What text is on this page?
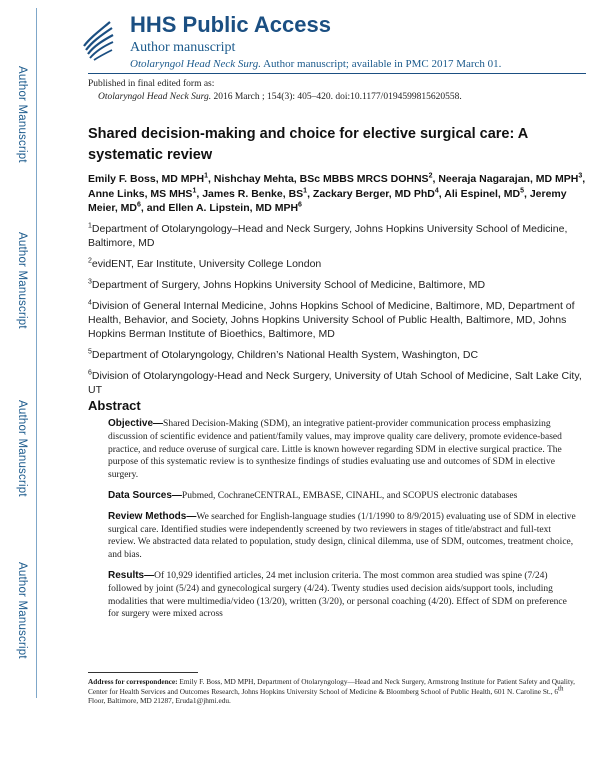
Author Manuscript
Author Manuscript
Author Manuscript
Author Manuscript
HHS Public Access
Author manuscript
Otolaryngol Head Neck Surg. Author manuscript; available in PMC 2017 March 01.
Published in final edited form as:
Otolaryngol Head Neck Surg. 2016 March ; 154(3): 405–420. doi:10.1177/0194599815620558.
Shared decision-making and choice for elective surgical care: A systematic review
Emily F. Boss, MD MPH$^1$, Nishchay Mehta, BSc MBBS MRCS DOHNS$^2$, Neeraja Nagarajan, MD MPH$^3$, Anne Links, MS MHS$^1$, James R. Benke, $BS^1$, Zackary Berger, MD PhD$^4$, Ali Espinel, $MD^5$, Jeremy Meier, $MD^6$, and Ellen A. Lipstein, MD MPH$^6$

$^1$Department of Otolaryngology–Head and Neck Surgery, Johns Hopkins University School of Medicine, Baltimore, MD

$^2$evidENT, Ear Institute, University College London

$^3$Department of Surgery, Johns Hopkins University School of Medicine, Baltimore, MD

$^4$Division of General Internal Medicine, Johns Hopkins School of Medicine, Baltimore, MD, Department of Health, Behavior, and Society, Johns Hopkins University School of Public Health, Baltimore, MD, Johns Hopkins Berman Institute of Bioethics, Baltimore, MD

$^5$Department of Otolaryngology, Children’s National Health System, Washington, DC

$^6$Division of Otolaryngology-Head and Neck Surgery, University of Utah School of Medicine, Salt Lake City, UT

Abstract

Objective—Shared Decision-Making (SDM), an integrative patient-provider communication process emphasizing discussion of scientific evidence and patient/family values, may improve quality care delivery, promote evidence-based practice, and reduce overuse of surgical care. Little is known however regarding SDM in elective surgical practice. The purpose of this systematic review is to synthesize findings of studies evaluating use and outcomes of SDM in elective surgery.

Data Sources—Pubmed, CochraneCENTRAL, EMBASE, CINAHL, and SCOPUS electronic databases

Review Methods—We searched for English-language studies (1/1/1990 to 8/9/2015) evaluating use of SDM in elective surgical care. Identified studies were independently screened by two reviewers in stages of title/abstract and full-text review. We abstracted data related to population, study design, clinical dilemma, use of SDM, outcomes, treatment choice, and bias.

Results—Of 10,929 identified articles, 24 met inclusion criteria. The most common area studied was spine (7/24) followed by joint (5/24) and gynecological surgery (4/24). Twenty studies used decision aids/support tools, including modalities that were multimedia/video (13/20), written (3/20), or personal coaching (4/20). Effect of SDM on preference for surgery were mixed across

Address for correspondence: Emily F. Boss, MD MPH, Department of Otolaryngology—Head and Neck Surgery, Armstrong Institute for Patient Safety and Quality, Center for Health Services and Outcomes Research, Johns Hopkins University School of Medicine & Bloomberg School of Public Health, 601 N. Caroline St., 6th Floor, Baltimore, MD 21287, Eruda1@jhmi.edu.
